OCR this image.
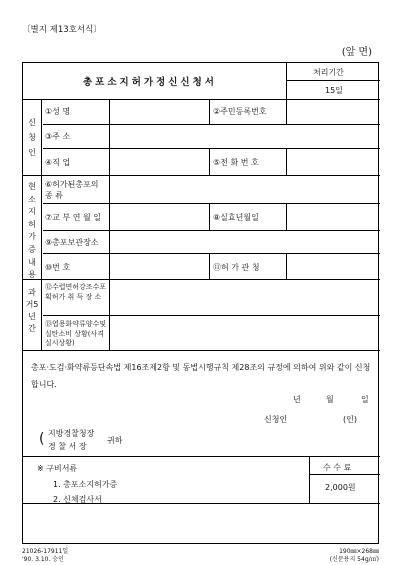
〔별지 제13호서식〕
(앞 면)
총포소지허가정신신청서
처리기간
15일
신청인
현소지허가증내용
과거5년간
①성 명	②주민등록번호
③주 소
④직 업	⑤전 화 번 호
⑥허가된총포의 종 류
⑦교 부 연 월 일	⑧실효년월일
⑨총포보관장소
⑩번 호	⑪허 가 관 청
⑫수렵면허강조수포획허가 취 득 장 소
⑬엽용화약류양수및실탄소비 상황(사격실시상황)
총포·도검·화약류등단속법 제16조제2항 및 동법시행규칙 제28조의 규정에 의하여 위와 같이 신청합니다.
년	월	일
신청인	(인)
( 지방경찰청장
경 찰 서 장
귀하
※ 구비서류
1. 총포소지허가증
2. 신체검사서
수 수 료
2,000원
21026-17911일
'90. 3.10. 승인
190㎜×268㎜
(신문용지 54g/㎡)
